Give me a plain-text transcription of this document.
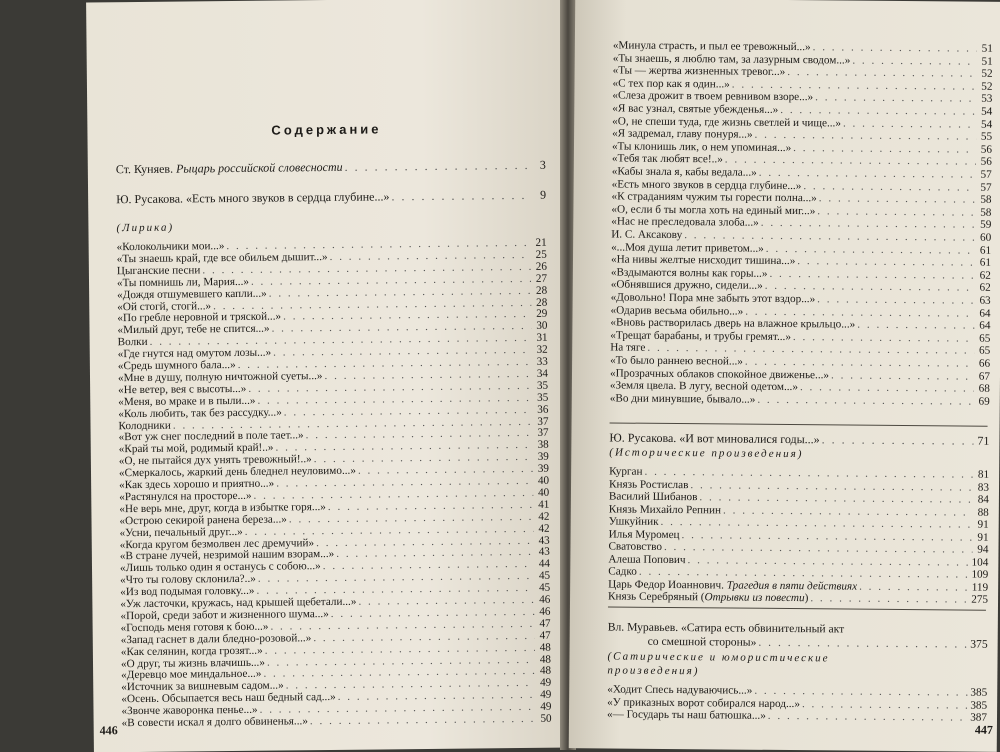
Содержание
Ст. Куняев. Рыцарь российской словесности . . .	3
Ю. Русакова. «Есть много звуков в сердца глубине...» . . .	9
«Колокольчики мои...» . . .	21
«Ты знаешь край, где все обильем дышит...» . . .	25
Цыганские песни . . .	26
«Ты помнишь ли, Мария...» . . .	27
«Дождя отшумевшего капли...» . . .	28
«Ой стогй, стогй...» . . .	28
«По гребле неровной и тряской...» . . .	29
«Милый друг, тебе не спится...» . . .	30
Волки . . .	31
«Где гнутся над омутом лозы...» . . .	32
«Средь шумного бала...» . . .	33
«Мне в душу, полную ничтожной суеты...» . . .	34
«Не ветер, вея с высоты...» . . .	35
«Меня, во мраке и в пыли...» . . .	35
«Коль любить, так без рассудку...» . . .	36
Колодники . . .	37
«Вот уж снег последний в поле тает...» . . .	37
«Край ты мой, родимый край!..» . . .	38
«О, не пытайся дух унять тревожный!..» . . .	39
«Смеркалось, жаркий день бледнел неуловимо...» . . .	39
«Как здесь хорошо и приятно...» . . .	40
«Растянулся на просторе...» . . .	40
«Не верь мне, друг, когда в избытке горя...» . . .	41
«Острою секирой ранена береза...» . . .	42
«Усни, печальный друг...» . . .	42
«Когда кругом безмолвен лес дремучий» . . .	43
«В стране лучей, незримой нашим взорам...» . . .	43
«Лишь только один я останусь с собою...» . . .	44
«Что ты голову склонила?..» . . .	45
«Из вод подымая головку...» . . .	45
«Уж ласточки, кружась, над крышей щебетали...» . . .	46
«Порой, среди забот и жизненного шума...» . . .	46
«Господь меня готовя к бою...» . . .	47
«Запад гаснет в дали бледно-розовой...» . . .	47
«Как селянин, когда грозят...» . . .	48
«О друг, ты жизнь влачишь...» . . .	48
«Деревцо мое миндальное...» . . .	48
«Источник за вишневым садом...» . . .	49
«Осень. Обсыпается весь наш бедный сад...» . . .	49
«Звонче жаворонка пенье...» . . .	49
«В совести искал я долго обвиненья...» . . .	50
(Лирика)
446
«Минула страсть, и пыл ее тревожный...» . . .	51
«Ты знаешь, я люблю там, за лазурным сводом...» . . .	51
«Ты — жертва жизненных тревог...» . . .	52
«С тех пор как я один...» . . .	52
«Слеза дрожит в твоем ревнивом взоре...» . . .	53
«Я вас узнал, святые убежденья...» . . .	54
«О, не спеши туда, где жизнь светлей и чище...» . . .	54
«Я задремал, главу понуря...» . . .	55
«Ты клонишь лик, о нем упоминая...» . . .	56
«Тебя так любят все!..» . . .	56
«Кабы знала я, кабы ведала...» . . .	57
«Есть много звуков в сердца глубине...» . . .	57
«К страданиям чужим ты горести полна...» . . .	58
«О, если б ты могла хоть на единый миг...» . . .	58
«Нас не преследовала злоба...» . . .	59
И. С. Аксакову . . .	60
«...Моя душа летит приветом...» . . .	61
«На нивы желтые нисходит тишина...» . . .	61
«Вздымаются волны как горы...» . . .	62
«Обнявшися дружно, сидели...» . . .	62
«Довольно! Пора мне забыть этот вздор...» . . .	63
«Одарив весьма обильно...» . . .	64
«Вновь растворилась дверь на влажное крыльцо...» . . .	64
«Трещат барабаны, и трубы гремят...» . . .	65
На тяге . . .	65
«То было раннею весной...» . . .	66
«Прозрачных облаков спокойное движенье...» . . .	67
«Земля цвела. В лугу, весной одетом...» . . .	68
«Во дни минувшие, бывало...» . . .	69
Ю. Русакова. «И вот миновалися годы...» . . .	71
Курган . . .	81
Князь Ростислав . . .	83
Василий Шибанов . . .	84
Князь Михайло Репнин . . .	88
Ушкуйник . . .	91
Илья Муромец . . .	91
Сватовство . . .	94
Алеша Попович . . .	104
Садко . . .	109
Царь Федор Иоаннович. Трагедия в пяти действиях . . .	119
Князь Серебряный (Отрывки из повести) . . .	275
«Ходит Спесь надуваючись...» . . .	385
«У приказных ворот собирался народ...» . . .	385
«— Государь ты наш батюшка...» . . .	387
(Исторические произведения)
Вл. Муравьев. «Сатира есть обвинительный акт
со смешной стороны» . . .	375
(Сатирические и юмористические
произведения)
447
